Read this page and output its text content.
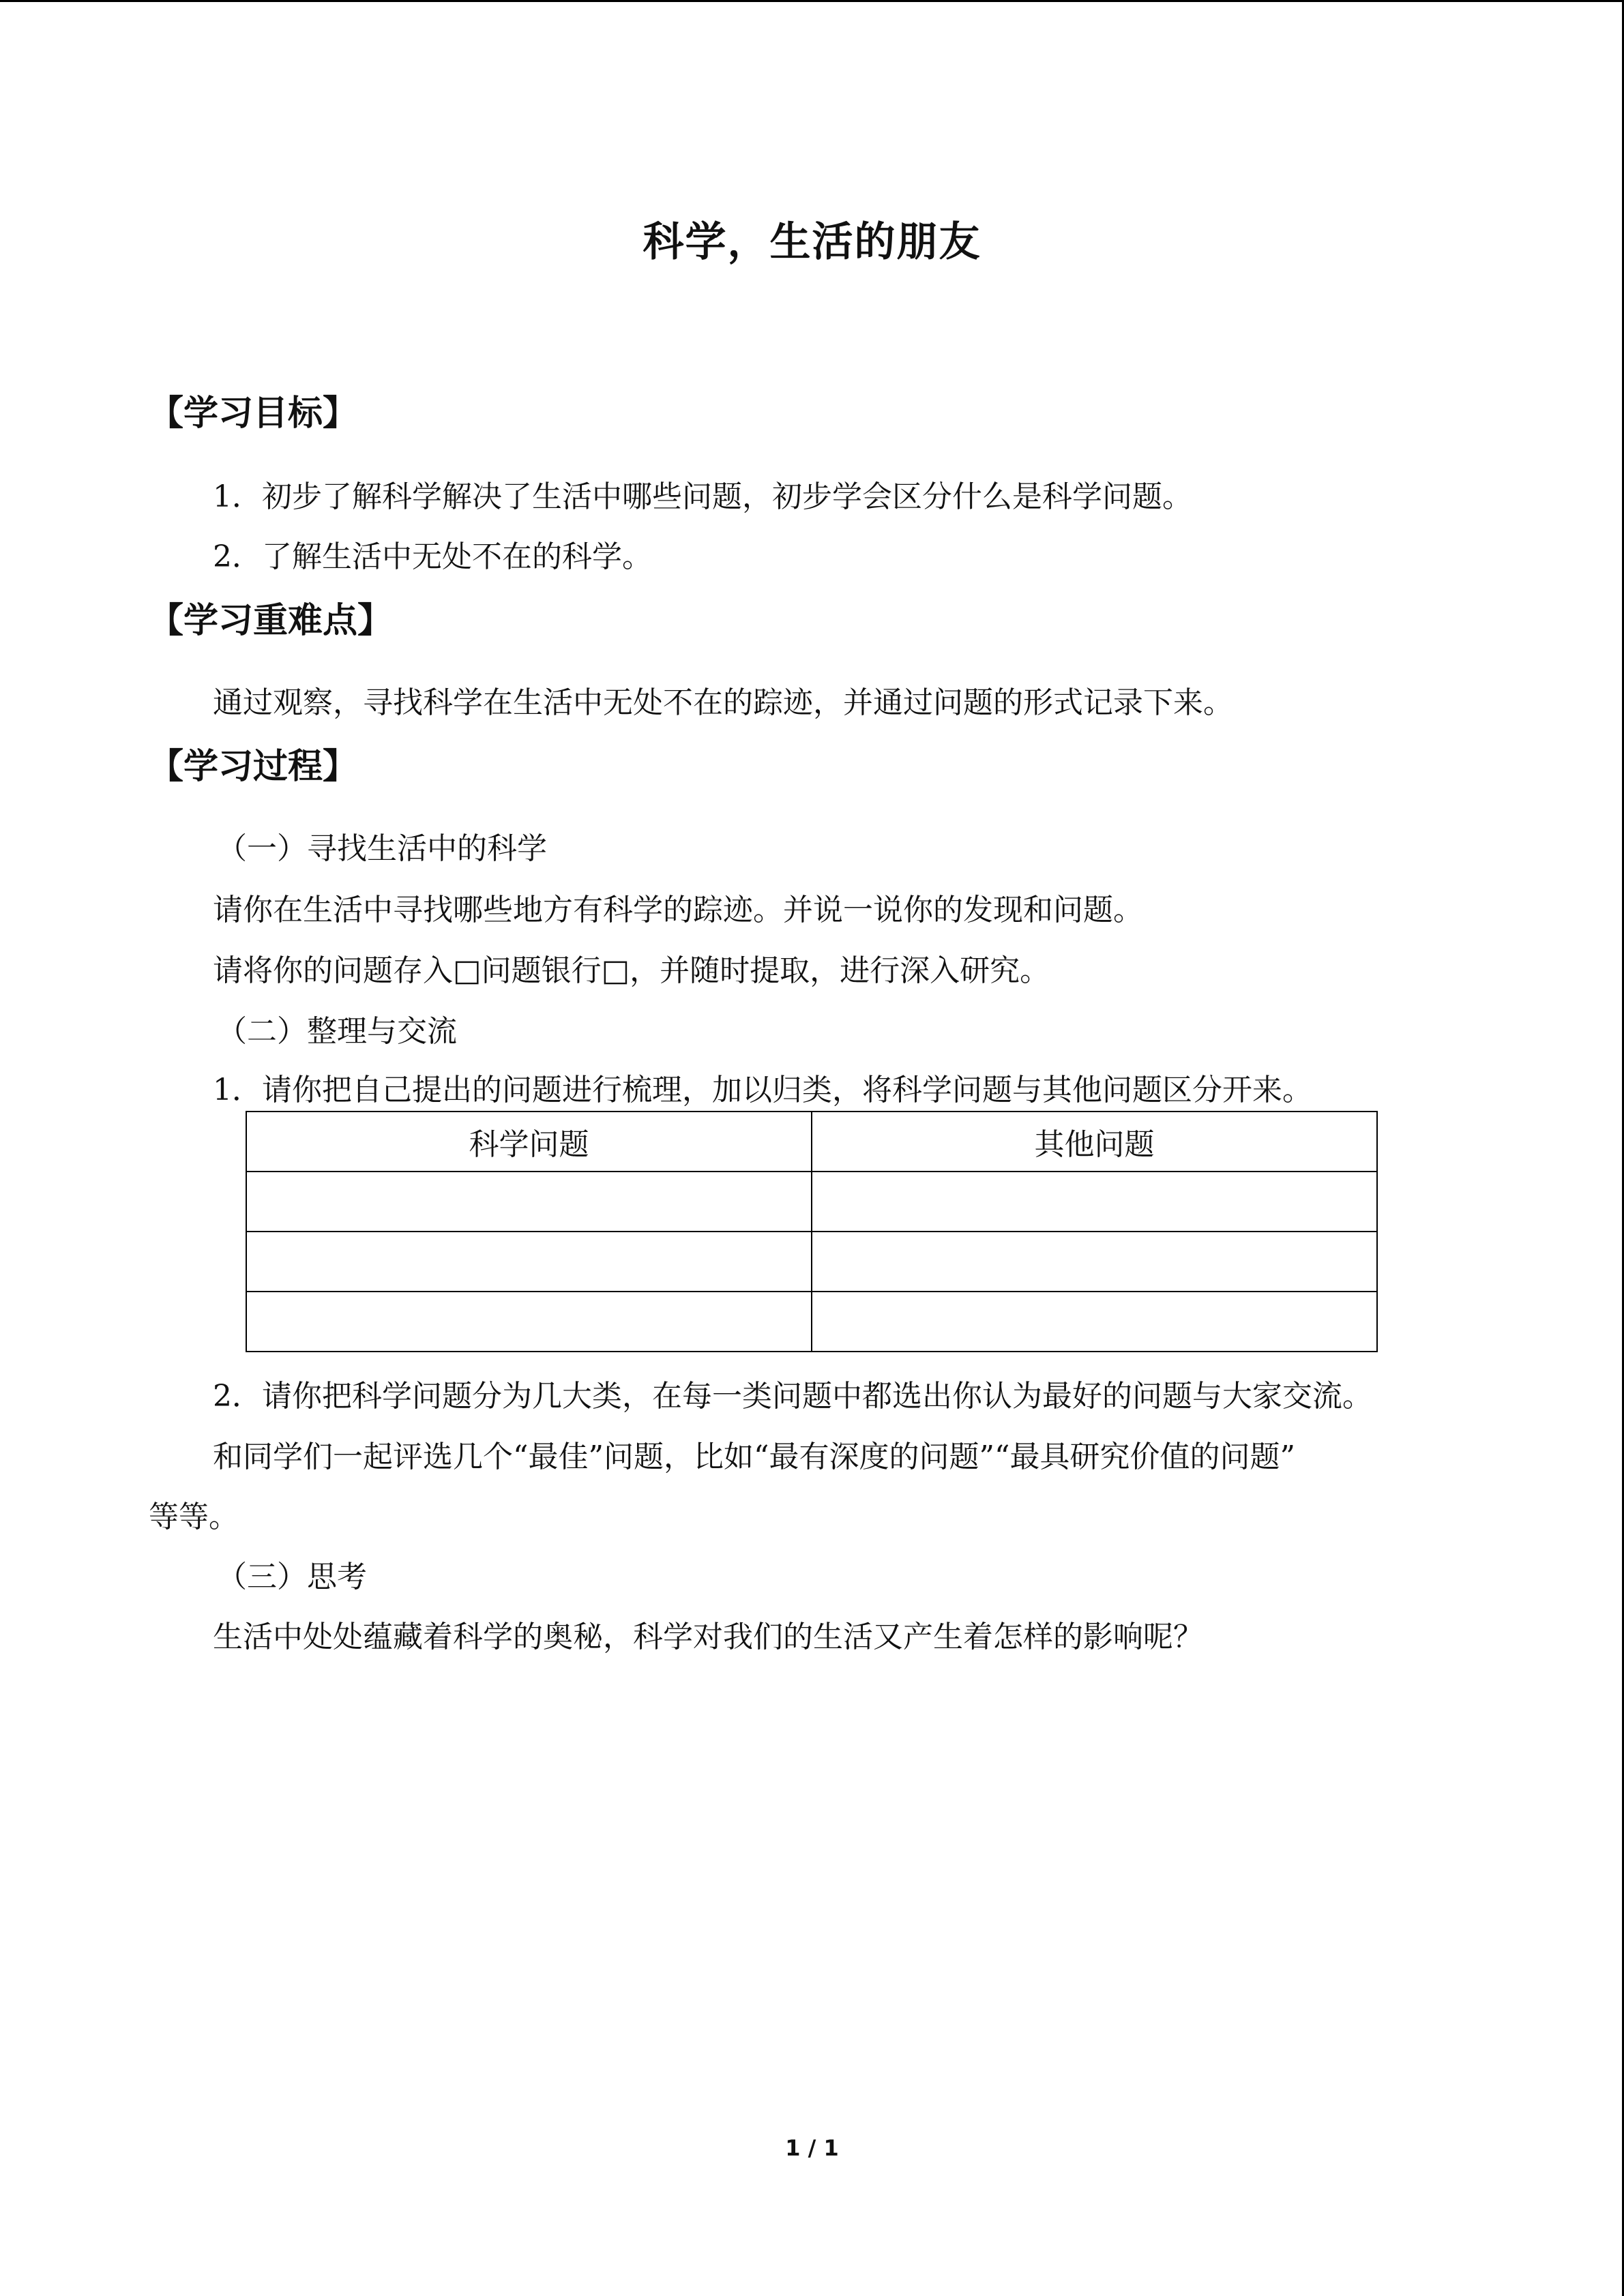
科学，生活的朋友
【学习目标】
1．初步了解科学解决了生活中哪些问题，初步学会区分什么是科学问题。
2．了解生活中无处不在的科学。
【学习重难点】
通过观察，寻找科学在生活中无处不在的踪迹，并通过问题的形式记录下来。
【学习过程】
（一）寻找生活中的科学
请你在生活中寻找哪些地方有科学的踪迹。并说一说你的发现和问题。
请将你的问题存入□问题银行□，并随时提取，进行深入研究。
（二）整理与交流
1．请你把自己提出的问题进行梳理，加以归类，将科学问题与其他问题区分开来。
科学问题	其他问题

2．请你把科学问题分为几大类，在每一类问题中都选出你认为最好的问题与大家交流。
和同学们一起评选几个“最佳”问题，比如“最有深度的问题”“最具研究价值的问题”
等等。
（三）思考
生活中处处蕴藏着科学的奥秘，科学对我们的生活又产生着怎样的影响呢？
1 / 1
